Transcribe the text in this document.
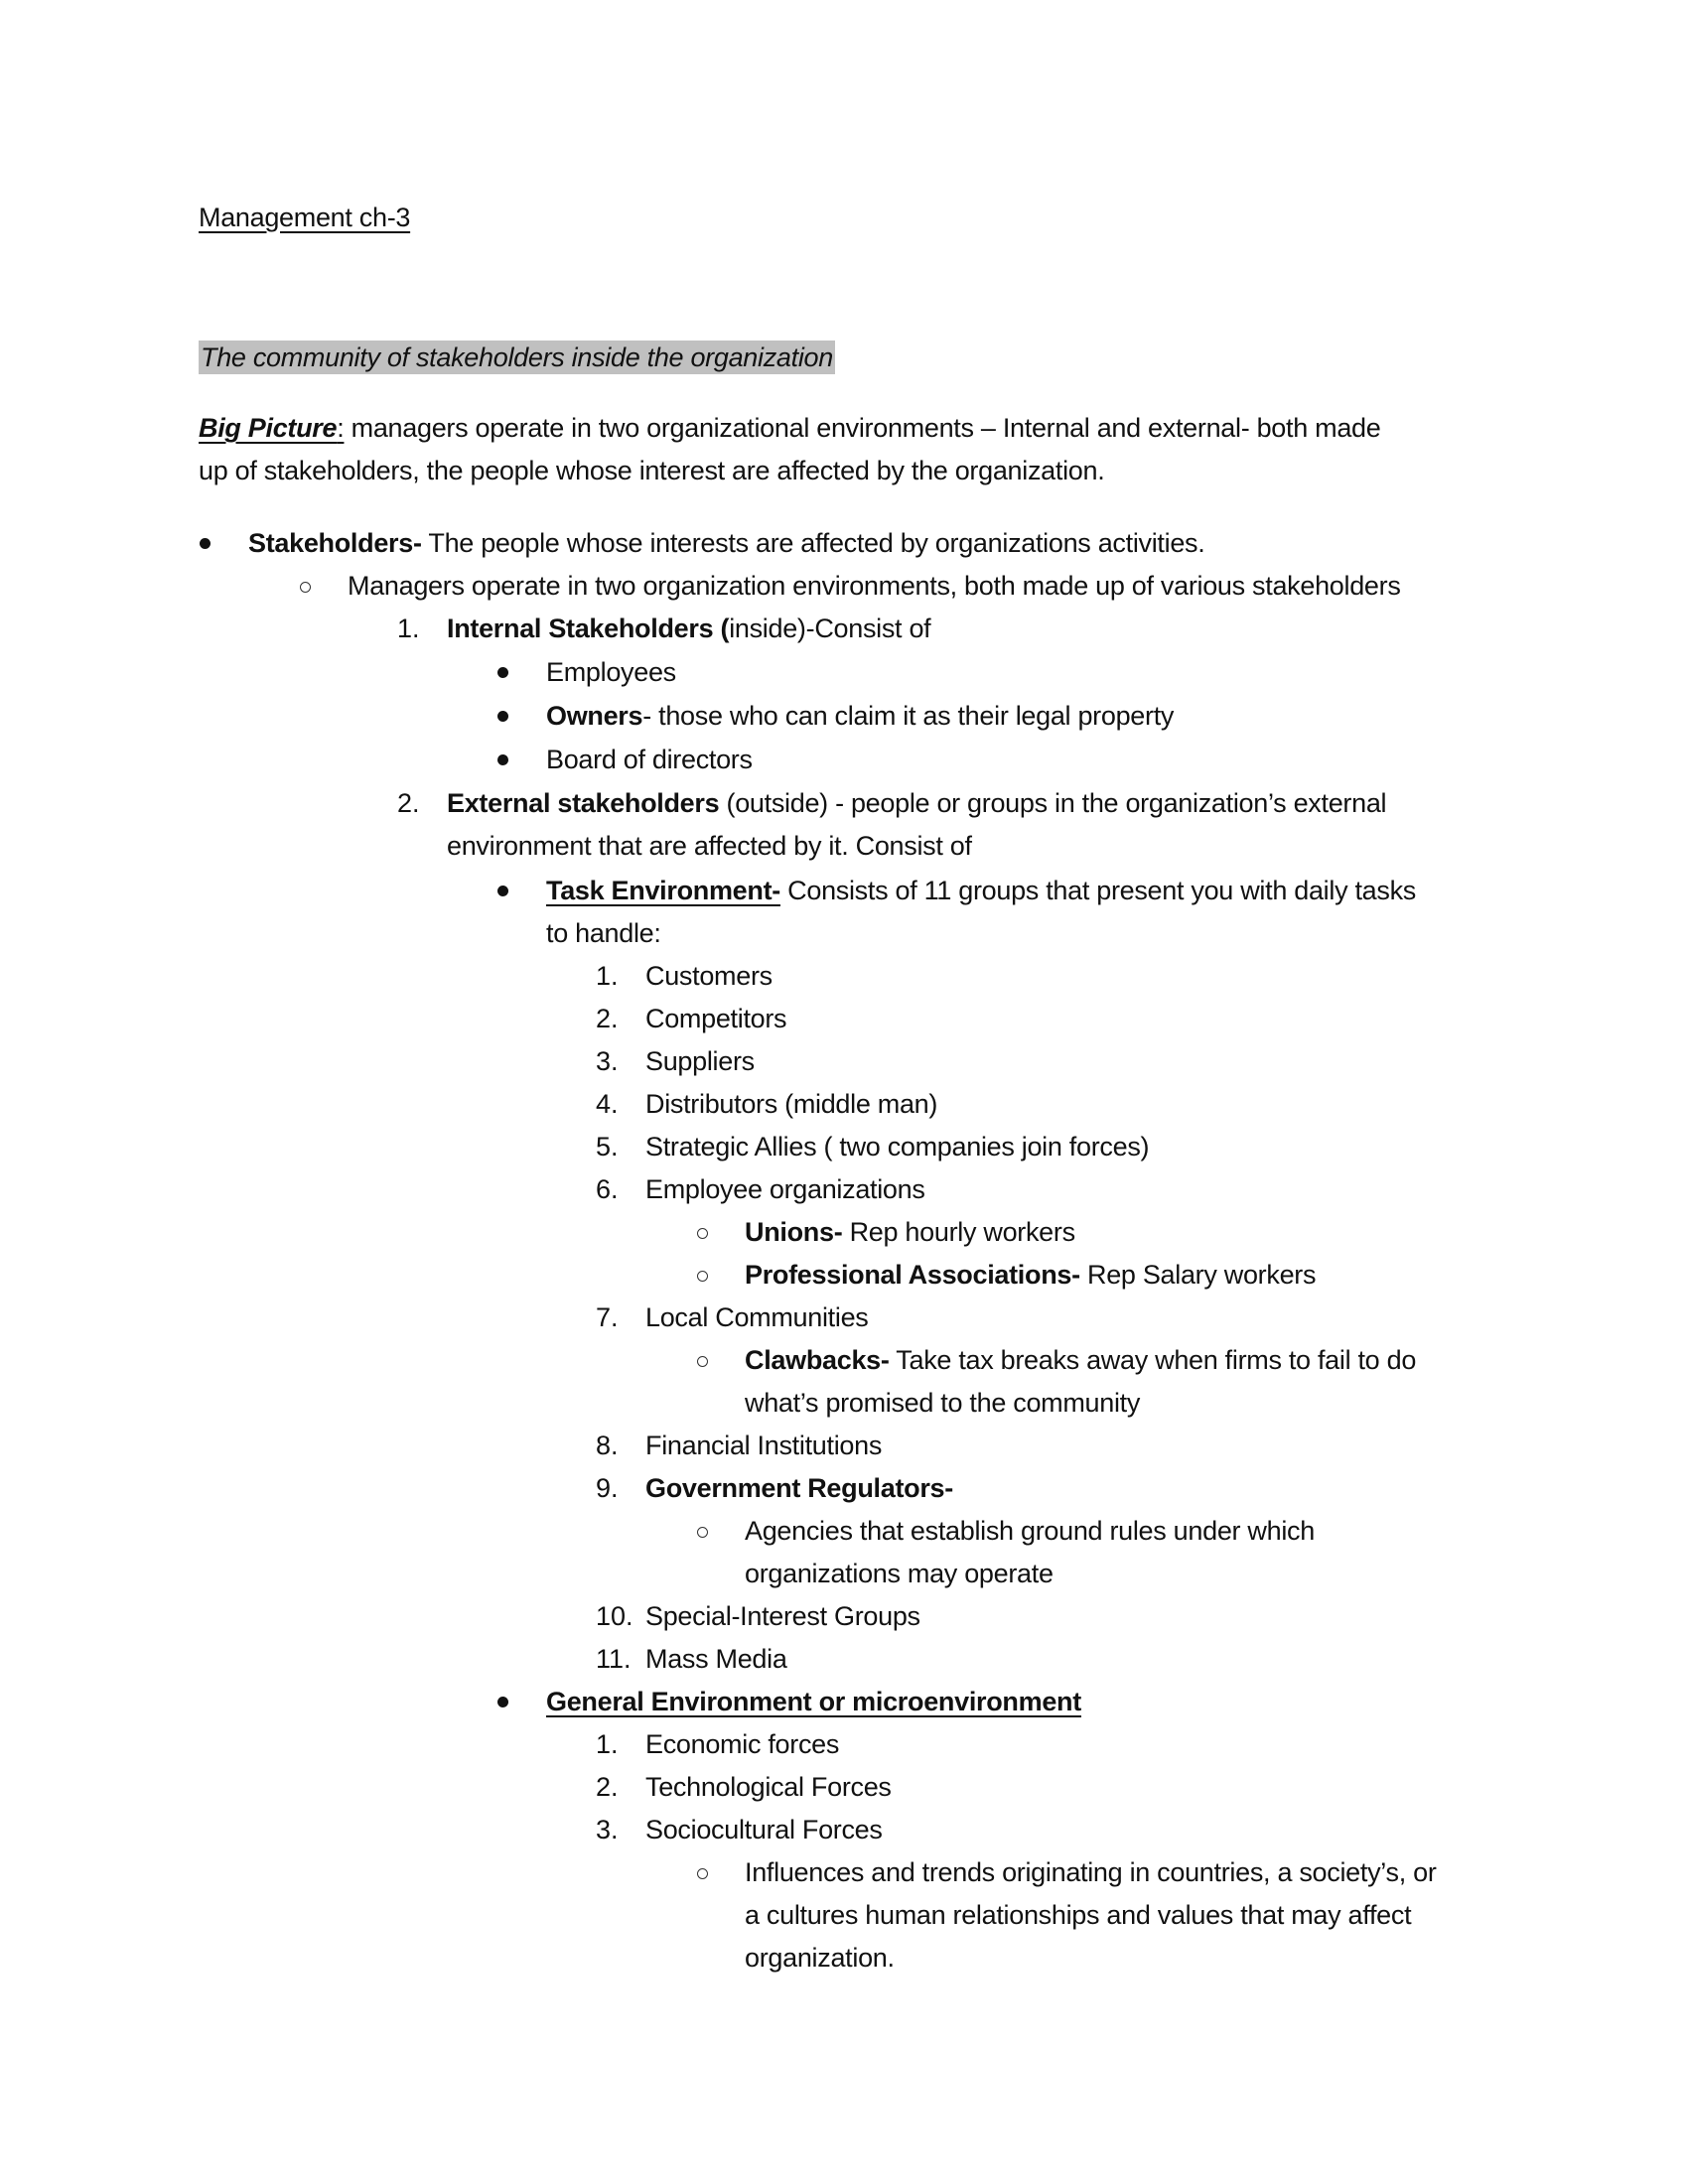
Management ch-3
The community of stakeholders inside the organization
Big Picture: managers operate in two organizational environments – Internal and external- both made
up of stakeholders, the people whose interest are affected by the organization.
Stakeholders- The people whose interests are affected by organizations activities.
Managers operate in two organization environments, both made up of various stakeholders
1. Internal Stakeholders (inside)-Consist of
Employees
Owners- those who can claim it as their legal property
Board of directors
2. External stakeholders (outside) - people or groups in the organization’s external
environment that are affected by it. Consist of
Task Environment- Consists of 11 groups that present you with daily tasks
to handle:
1. Customers
2. Competitors
3. Suppliers
4. Distributors (middle man)
5. Strategic Allies ( two companies join forces)
6. Employee organizations
Unions- Rep hourly workers
Professional Associations- Rep Salary workers
7. Local Communities
Clawbacks- Take tax breaks away when firms to fail to do
what’s promised to the community
8. Financial Institutions
9. Government Regulators-
Agencies that establish ground rules under which
organizations may operate
10. Special-Interest Groups
11. Mass Media
General Environment or microenvironment
1. Economic forces
2. Technological Forces
3. Sociocultural Forces
Influences and trends originating in countries, a society’s, or
a cultures human relationships and values that may affect
organization.
